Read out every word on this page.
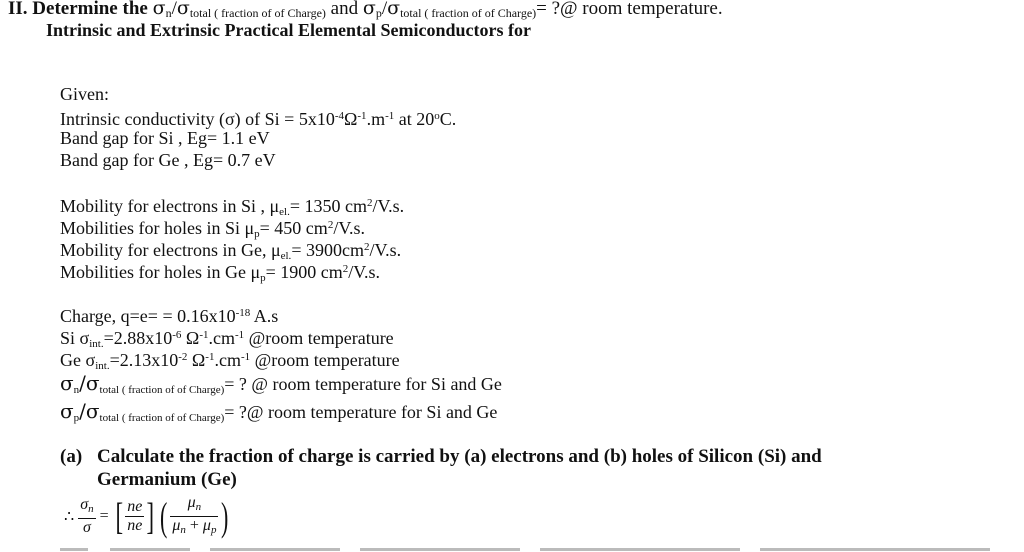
II. Determine the $\sigma_n/\sigma_{total}$ $_{( fraction of of Charge)}$ and $\sigma_p/\sigma_{total}$ $_{( fraction of of Charge)}$= ?@ room temperature.
Intrinsic and Extrinsic Practical Elemental Semiconductors for
Given:
Intrinsic conductivity (σ) of $Si = 5x10^{-4}\Omega^{-1}.m^{-1}$ at 20$^o$C.
Band gap for Si , Eg= 1.1 eV
Band gap for Ge , Eg= 0.7 eV
Mobility for electrons in Si , μel.= 1350 $cm^2/V.s$.
Mobilities for holes in Si μp= 450 $cm^2/V.s$.
Mobility for electrons in Ge, $\mu el.= 3900cm^2/V.s$.
Mobilities for holes in Ge μp= 1900 $cm^2/V.s$.
Charge, $q=e= = 0.16x10^{-18}$ A.s
Si $\sigma int.=2.88x10^{-6}$ $\Omega^{-1}.cm^{-1}$ @room temperature
Ge $\sigma int.=2.13x10^{-2}$ $\Omega^{-1}.cm^{-1}$ @room temperature
σn/σtotal ( fraction of of Charge)= ? @ room temperature for Si and Ge
σp/σtotal ( fraction of of Charge)= ?@ room temperature for Si and Ge
(a) Calculate the fraction of charge is carried by (a) electrons and (b) holes of Silicon (Si) and
Germanium (Ge)
∴ $\frac{\sigma n}{\sigma}$ = [ $\frac{ne}{ne}$ ] ( $\frac{\mu n}{\mu n + \mu p}$ )
